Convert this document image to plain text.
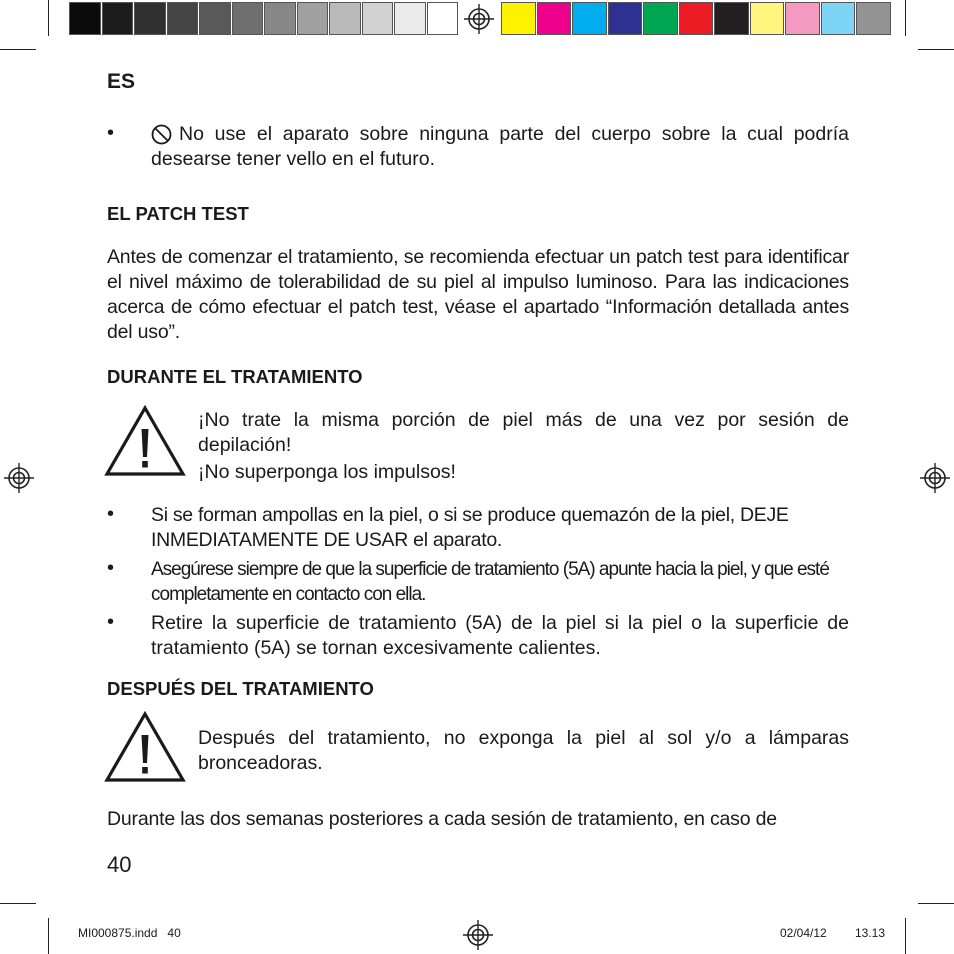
ES
•	No use el aparato sobre ninguna parte del cuerpo sobre la cual podría desearse tener vello en el futuro.
EL PATCH TEST
Antes de comenzar el tratamiento, se recomienda efectuar un patch test para identificar el nivel máximo de tolerabilidad de su piel al impulso luminoso. Para las indicaciones acerca de cómo efectuar el patch test, véase el apartado “Información detallada antes del uso”.
DURANTE EL TRATAMIENTO
¡No trate la misma porción de piel más de una vez por sesión de depilación!
¡No superponga los impulsos!
• Si se forman ampollas en la piel, o si se produce quemazón de la piel, DEJE INMEDIATAMENTE DE USAR el aparato.
• Asegúrese siempre de que la superficie de tratamiento (5A) apunte hacia la piel, y que esté completamente en contacto con ella.
• Retire la superficie de tratamiento (5A) de la piel si la piel o la superficie de tratamiento (5A) se tornan excesivamente calientes.
DESPUÉS DEL TRATAMIENTO
Después del tratamiento, no exponga la piel al sol y/o a lámparas bronceadoras.
Durante las dos semanas posteriores a cada sesión de tratamiento, en caso de
40
MI000875.indd   40	02/04/12 13.13
